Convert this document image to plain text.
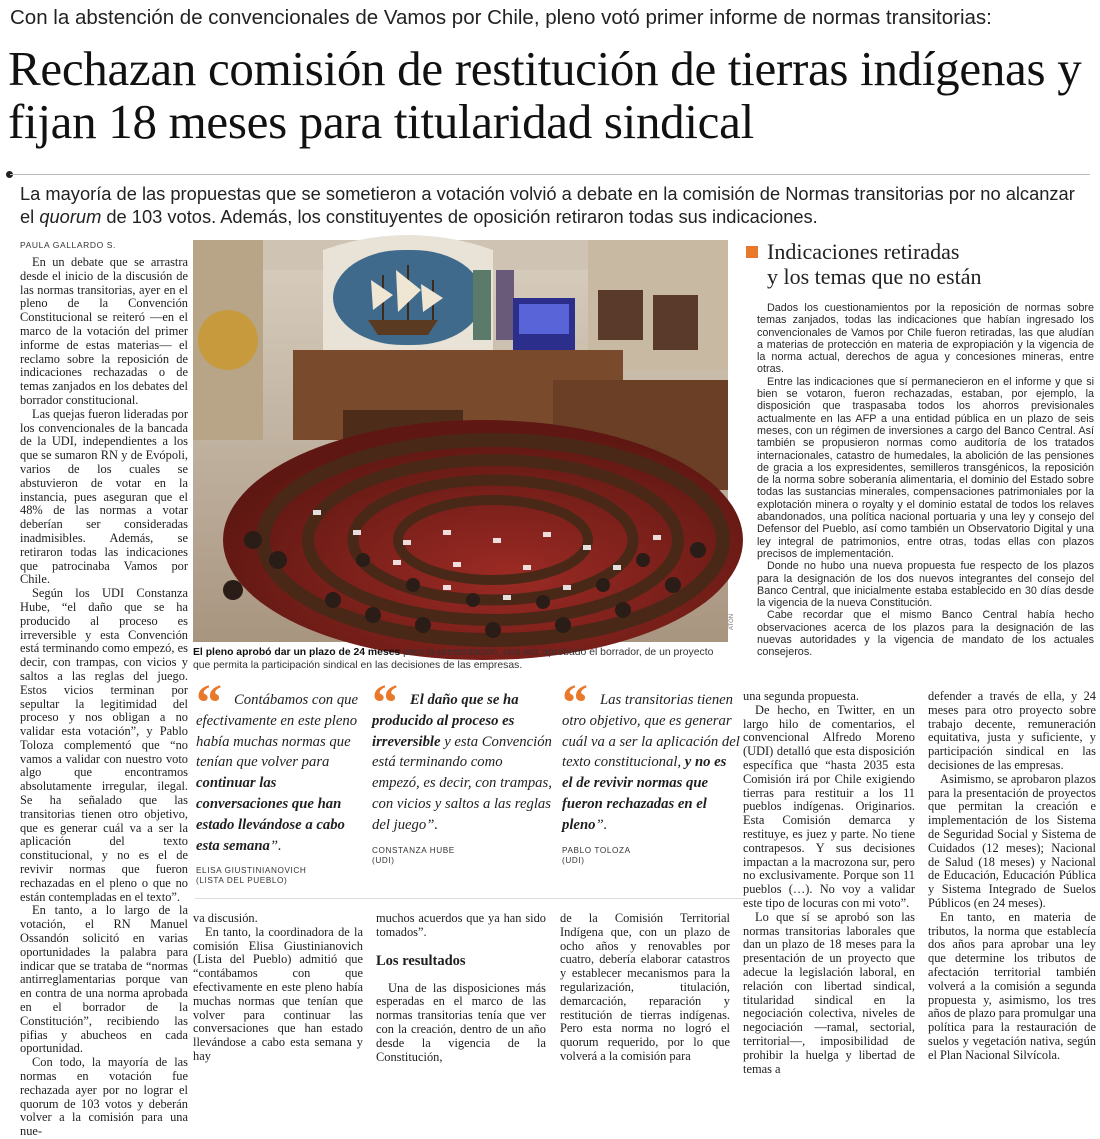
Con la abstención de convencionales de Vamos por Chile, pleno votó primer informe de normas transitorias:
Rechazan comisión de restitución de tierras indígenas y fijan 18 meses para titularidad sindical
La mayoría de las propuestas que se sometieron a votación volvió a debate en la comisión de Normas transitorias por no alcanzar el quorum de 103 votos. Además, los constituyentes de oposición retiraron todas sus indicaciones.
PAULA GALLARDO S.

En un debate que se arrastra desde el inicio de la discusión de las normas transitorias, ayer en el pleno de la Convención Constitucional se reiteró —en el marco de la votación del primer informe de estas materias— el reclamo sobre la reposición de indicaciones rechazadas o de temas zanjados en los debates del borrador constitucional.

Las quejas fueron lideradas por los convencionales de la bancada de la UDI, independientes a los que se sumaron RN y de Evópoli, varios de los cuales se abstuvieron de votar en la instancia, pues aseguran que el 48% de las normas a votar deberían ser consideradas inadmisibles. Además, se retiraron todas las indicaciones que patrocinaba Vamos por Chile.

Según los UDI Constanza Hube, “el daño que se ha producido al proceso es irreversible y esta Convención está terminando como empezó, es decir, con trampas, con vicios y saltos a las reglas del juego. Estos vicios terminan por sepultar la legitimidad del proceso y nos obligan a no validar esta votación”, y Pablo Toloza complementó que “no vamos a validar con nuestro voto algo que encontramos absolutamente irregular, ilegal. Se ha señalado que las transitorias tienen otro objetivo, que es generar cuál va a ser la aplicación del texto constitucional, y no es el de revivir normas que fueron rechazadas en el pleno o que no están contempladas en el texto”.

En tanto, a lo largo de la votación, el RN Manuel Ossandón solicitó en varias oportunidades la palabra para indicar que se trataba de “normas antirreglamentarias porque van en contra de una norma aprobada en el borrador de la Constitución”, recibiendo las pifias y abucheos en cada oportunidad.

Con todo, la mayoría de las normas en votación fue rechazada ayer por no lograr el quorum de 103 votos y deberán volver a la comisión para una nue-

ATON
El pleno aprobó dar un plazo de 24 meses para la presentación, una vez aprobado el borrador, de un proyecto que permita la participación sindical en las decisiones de las empresas.
Indicaciones retiradas
y los temas que no están

Dados los cuestionamientos por la reposición de normas sobre temas zanjados, todas las indicaciones que habían ingresado los convencionales de Vamos por Chile fueron retiradas, las que aludían a materias de protección en materia de expropiación y la vigencia de la norma actual, derechos de agua y concesiones mineras, entre otras.

Entre las indicaciones que sí permanecieron en el informe y que si bien se votaron, fueron rechazadas, estaban, por ejemplo, la disposición que traspasaba todos los ahorros previsionales actualmente en las AFP a una entidad pública en un plazo de seis meses, con un régimen de inversiones a cargo del Banco Central. Así también se propusieron normas como auditoría de los tratados internacionales, catastro de humedales, la abolición de las pensiones de gracia a los expresidentes, semilleros transgénicos, la reposición de la norma sobre soberanía alimentaria, el dominio del Estado sobre todas las sustancias minerales, compensaciones patrimoniales por la explotación minera o royalty y el dominio estatal de todos los relaves abandonados, una política nacional portuaria y una ley y consejo del Defensor del Pueblo, así como también un Observatorio Digital y una ley integral de patrimonios, entre otras, todas ellas con plazos precisos de implementación.

Donde no hubo una nueva propuesta fue respecto de los plazos para la designación de los dos nuevos integrantes del consejo del Banco Central, que inicialmente estaba establecido en 30 días desde la vigencia de la nueva Constitución.

Cabe recordar que el mismo Banco Central había hecho observaciones acerca de los plazos para la designación de las nuevas autoridades y la vigencia de mandato de los actuales consejeros.

“	Contábamos con que efectivamente en este pleno había muchas normas que tenían que volver para continuar las conversaciones que han estado llevándose a cabo esta semana”.
ELISA GIUSTINIANOVICH
(LISTA DEL PUEBLO)
“	El daño que se ha producido al proceso es irreversible y esta Convención está terminando como empezó, es decir, con trampas, con vicios y saltos a las reglas del juego”.
CONSTANZA HUBE
(UDI)
“	Las transitorias tienen otro objetivo, que es generar cuál va a ser la aplicación del texto constitucional, y no es el de revivir normas que fueron rechazadas en el pleno”.
PABLO TOLOZA
(UDI)

va discusión.

En tanto, la coordinadora de la comisión Elisa Giustinianovich (Lista del Pueblo) admitió que “contábamos con que efectivamente en este pleno había muchas normas que tenían que volver para continuar las conversaciones que han estado llevándose a cabo esta semana y hay

muchos acuerdos que ya han sido tomados”.

Los resultados

Una de las disposiciones más esperadas en el marco de las normas transitorias tenía que ver con la creación, dentro de un año desde la vigencia de la Constitución,

de la Comisión Territorial Indígena que, con un plazo de ocho años y renovables por cuatro, debería elaborar catastros y establecer mecanismos para la regularización, titulación, demarcación, reparación y restitución de tierras indígenas. Pero esta norma no logró el quorum requerido, por lo que volverá a la comisión para

una segunda propuesta.

De hecho, en Twitter, en un largo hilo de comentarios, el convencional Alfredo Moreno (UDI) detalló que esta disposición específica que “hasta 2035 esta Comisión irá por Chile exigiendo tierras para restituir a los 11 pueblos indígenas. Originarios. Esta Comisión demarca y restituye, es juez y parte. No tiene contrapesos. Y sus decisiones impactan a la macrozona sur, pero no exclusivamente. Porque son 11 pueblos (…). No voy a validar este tipo de locuras con mi voto”.

Lo que sí se aprobó son las normas transitorias laborales que dan un plazo de 18 meses para la presentación de un proyecto que adecue la legislación laboral, en relación con libertad sindical, titularidad sindical en la negociación colectiva, niveles de negociación —ramal, sectorial, territorial—, imposibilidad de prohibir la huelga y libertad de temas a

defender a través de ella, y 24 meses para otro proyecto sobre trabajo decente, remuneración equitativa, justa y suficiente, y participación sindical en las decisiones de las empresas.

Asimismo, se aprobaron plazos para la presentación de proyectos que permitan la creación e implementación de los Sistema de Seguridad Social y Sistema de Cuidados (12 meses); Nacional de Salud (18 meses) y Nacional de Educación, Educación Pública y Sistema Integrado de Suelos Públicos (en 24 meses).

En tanto, en materia de tributos, la norma que establecía dos años para aprobar una ley que determine los tributos de afectación territorial también volverá a la comisión a segunda propuesta y, asimismo, los tres años de plazo para promulgar una política para la restauración de suelos y vegetación nativa, según el Plan Nacional Silvícola.
